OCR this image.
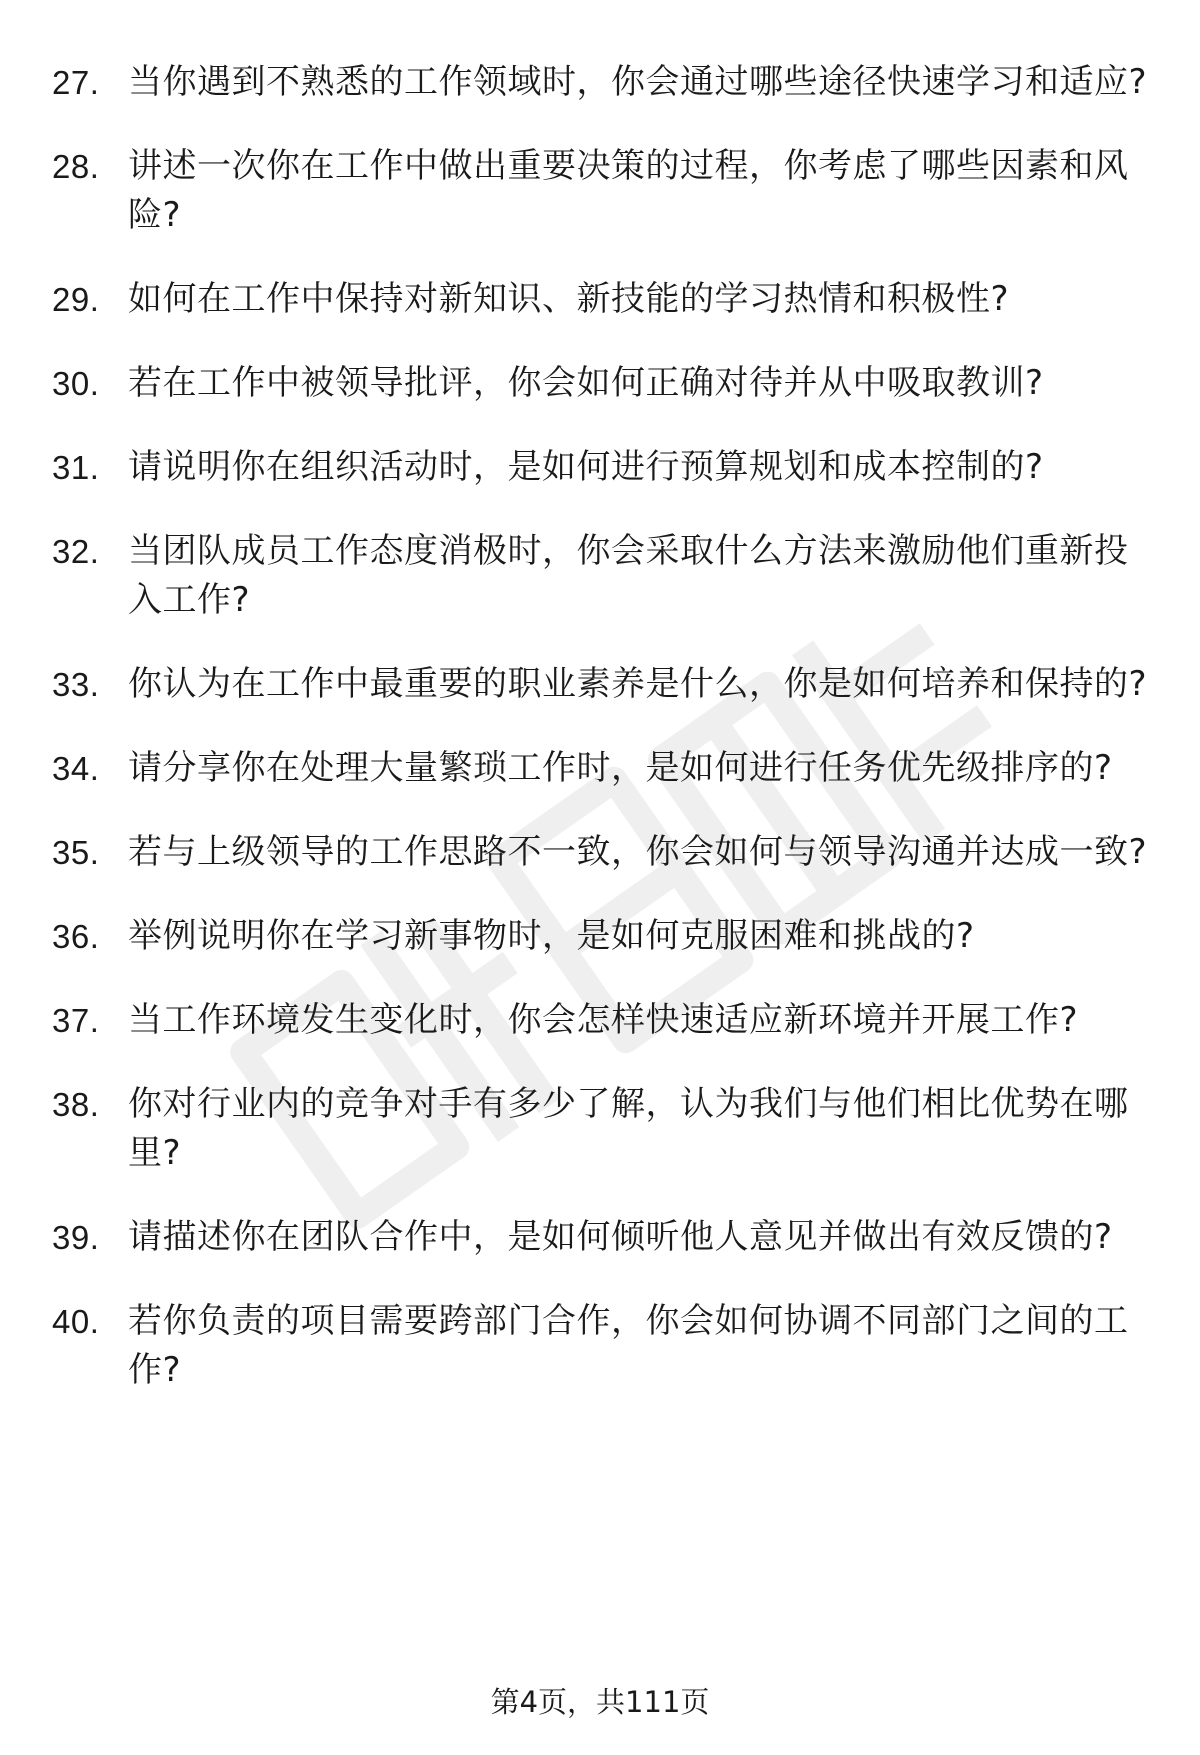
27. 当你遇到不熟悉的工作领域时，你会通过哪些途径快速学习和适应?
28. 讲述一次你在工作中做出重要决策的过程，你考虑了哪些因素和风险?
29. 如何在工作中保持对新知识、新技能的学习热情和积极性?
30. 若在工作中被领导批评，你会如何正确对待并从中吸取教训?
31. 请说明你在组织活动时，是如何进行预算规划和成本控制的?
32. 当团队成员工作态度消极时，你会采取什么方法来激励他们重新投入工作?
33. 你认为在工作中最重要的职业素养是什么，你是如何培养和保持的?
34. 请分享你在处理大量繁琐工作时，是如何进行任务优先级排序的?
35. 若与上级领导的工作思路不一致，你会如何与领导沟通并达成一致?
36. 举例说明你在学习新事物时，是如何克服困难和挑战的?
37. 当工作环境发生变化时，你会怎样快速适应新环境并开展工作?
38. 你对行业内的竞争对手有多少了解，认为我们与他们相比优势在哪里?
39. 请描述你在团队合作中，是如何倾听他人意见并做出有效反馈的?
40. 若你负责的项目需要跨部门合作，你会如何协调不同部门之间的工作?
第4页，共111页
